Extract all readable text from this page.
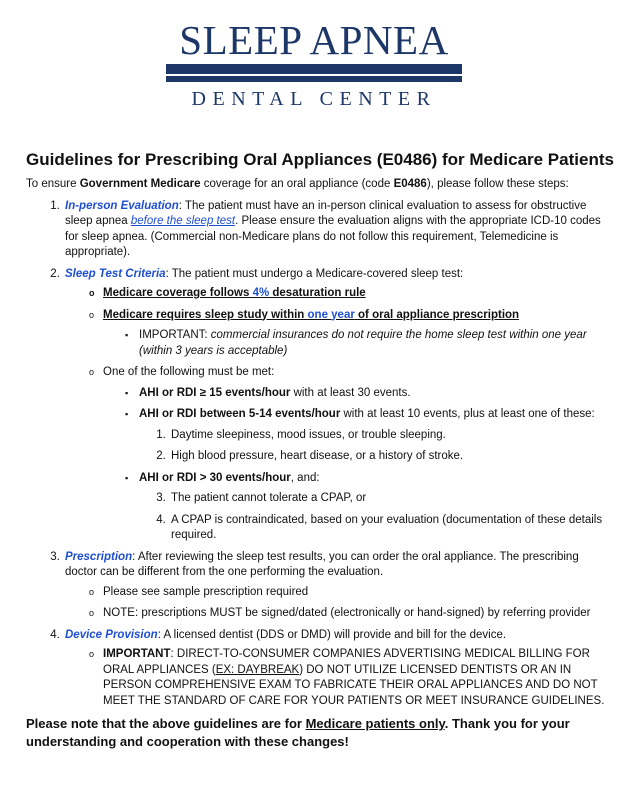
SLEEP APNEA
DENTAL CENTER
Guidelines for Prescribing Oral Appliances (E0486) for Medicare Patients

To ensure Government Medicare coverage for an oral appliance (code E0486), please follow these steps:

1. In-person Evaluation: The patient must have an in-person clinical evaluation to assess for obstructive sleep apnea before the sleep test. Please ensure the evaluation aligns with the appropriate ICD-10 codes for sleep apnea. (Commercial non-Medicare plans do not follow this requirement, Telemedicine is appropriate).
2. Sleep Test Criteria: The patient must undergo a Medicare-covered sleep test:
o Medicare coverage follows 4% desaturation rule
o Medicare requires sleep study within one year of oral appliance prescription
▪ IMPORTANT: commercial insurances do not require the home sleep test within one year (within 3 years is acceptable)
o One of the following must be met:
▪ AHI or RDI ≥ 15 events/hour with at least 30 events.
▪ AHI or RDI between 5-14 events/hour with at least 10 events, plus at least one of these:
1. Daytime sleepiness, mood issues, or trouble sleeping.
2. High blood pressure, heart disease, or a history of stroke.
▪ AHI or RDI > 30 events/hour, and:
3. The patient cannot tolerate a CPAP, or
4. A CPAP is contraindicated, based on your evaluation (documentation of these details required.
3. Prescription: After reviewing the sleep test results, you can order the oral appliance. The prescribing doctor can be different from the one performing the evaluation.
o Please see sample prescription required
o NOTE: prescriptions MUST be signed/dated (electronically or hand-signed) by referring provider
4. Device Provision: A licensed dentist (DDS or DMD) will provide and bill for the device.
o IMPORTANT: DIRECT-TO-CONSUMER COMPANIES ADVERTISING MEDICAL BILLING FOR ORAL APPLIANCES (EX: DAYBREAK) DO NOT UTILIZE LICENSED DENTISTS OR AN IN PERSON COMPREHENSIVE EXAM TO FABRICATE THEIR ORAL APPLIANCES AND DO NOT MEET THE STANDARD OF CARE FOR YOUR PATIENTS OR MEET INSURANCE GUIDELINES.
Please note that the above guidelines are for Medicare patients only. Thank you for your understanding and cooperation with these changes!
